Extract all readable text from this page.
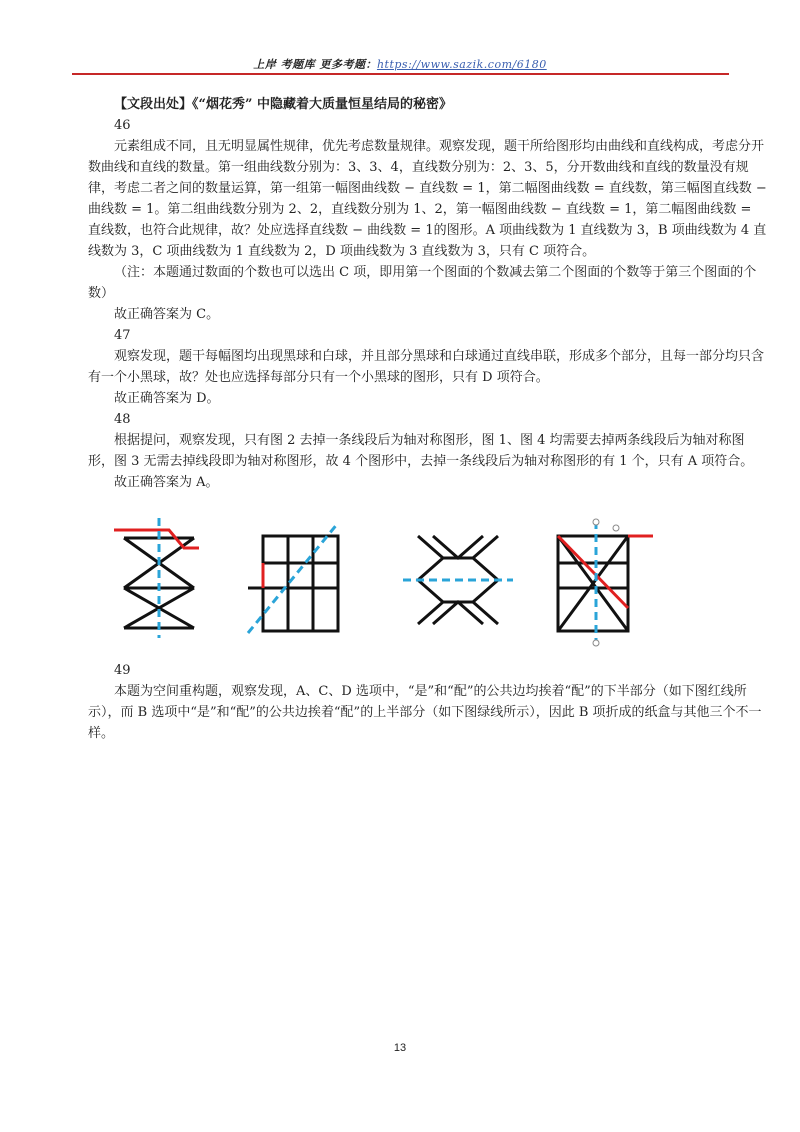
上岸 考题库 更多考题：https://www.sazik.com/6180

【文段出处】《“烟花秀” 中隐藏着大质量恒星结局的秘密》

46

元素组成不同，且无明显属性规律，优先考虑数量规律。观察发现，题干所给图形均由曲线和直线构成，考虑分开数曲线和直线的数量。第一组曲线数分别为：3、3、4，直线数分别为：2、3、5，分开数曲线和直线的数量没有规律，考虑二者之间的数量运算，第一组第一幅图曲线数 − 直线数 = 1，第二幅图曲线数 = 直线数，第三幅图直线数 − 曲线数 = 1。第二组曲线数分别为 2、2，直线数分别为 1、2，第一幅图曲线数 − 直线数 = 1，第二幅图曲线数 = 直线数，也符合此规律，故？处应选择直线数 − 曲线数 = 1的图形。A 项曲线数为 1 直线数为 3，B 项曲线数为 4 直线数为 3，C 项曲线数为 1 直线数为 2，D 项曲线数为 3 直线数为 3，只有 C 项符合。

（注：本题通过数面的个数也可以选出 C 项，即用第一个图面的个数减去第二个图面的个数等于第三个图面的个数）

故正确答案为 C。

47

观察发现，题干每幅图均出现黑球和白球，并且部分黑球和白球通过直线串联，形成多个部分，且每一部分均只含有一个小黑球，故？处也应选择每部分只有一个小黑球的图形，只有 D 项符合。

故正确答案为 D。

48

根据提问，观察发现，只有图 2 去掉一条线段后为轴对称图形，图 1、图 4 均需要去掉两条线段后为轴对称图形，图 3 无需去掉线段即为轴对称图形，故 4 个图形中，去掉一条线段后为轴对称图形的有 1 个，只有 A 项符合。

故正确答案为 A。

49

本题为空间重构题，观察发现，A、C、D 选项中，“是”和“配”的公共边均挨着“配”的下半部分（如下图红线所示），而 B 选项中“是”和“配”的公共边挨着“配”的上半部分（如下图绿线所示），因此 B 项折成的纸盒与其他三个不一样。

13
